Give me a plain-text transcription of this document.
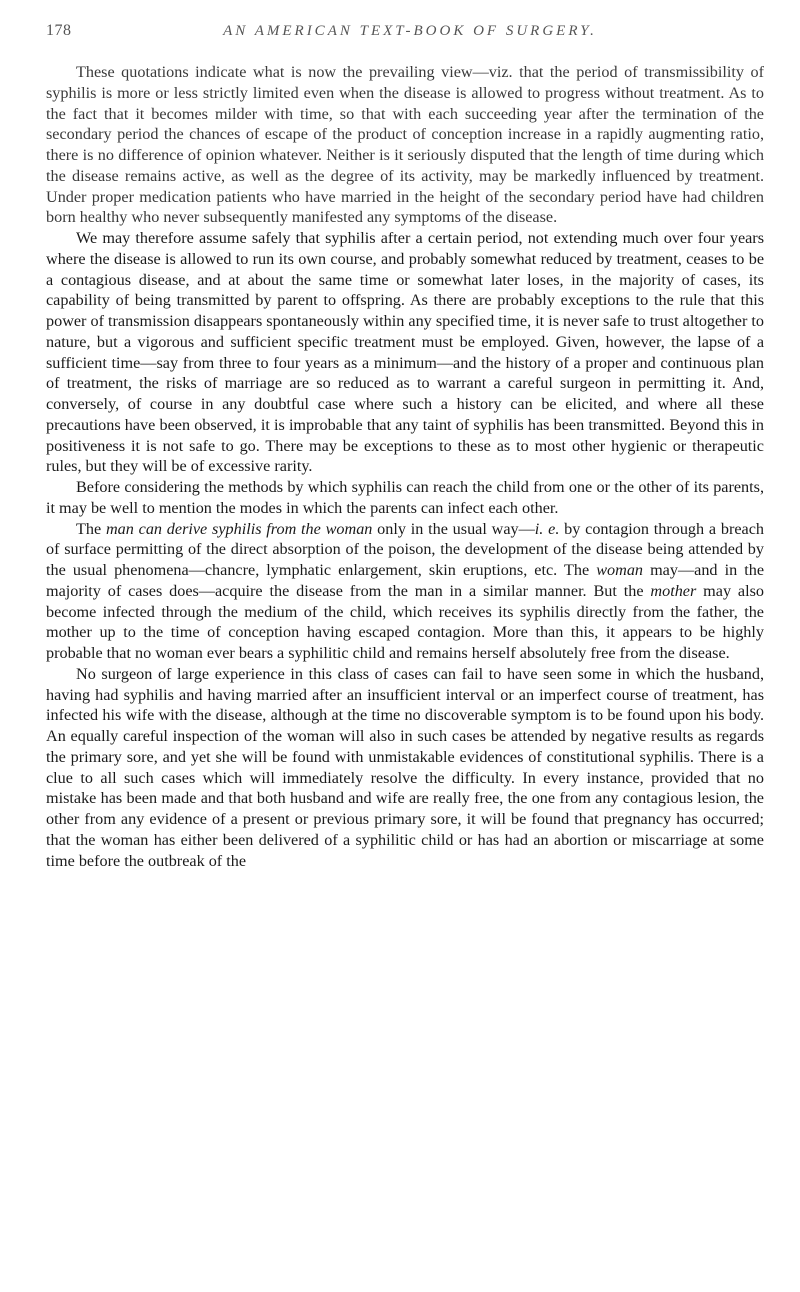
178	AN AMERICAN TEXT-BOOK OF SURGERY.

These quotations indicate what is now the prevailing view—viz. that the period of transmissibility of syphilis is more or less strictly limited even when the disease is allowed to progress without treatment. As to the fact that it becomes milder with time, so that with each succeeding year after the termination of the secondary period the chances of escape of the product of conception increase in a rapidly augmenting ratio, there is no difference of opinion whatever. Neither is it seriously disputed that the length of time during which the disease remains active, as well as the degree of its activity, may be markedly influenced by treatment. Under proper medication patients who have married in the height of the secondary period have had children born healthy who never subsequently manifested any symptoms of the disease.

We may therefore assume safely that syphilis after a certain period, not extending much over four years where the disease is allowed to run its own course, and probably somewhat reduced by treatment, ceases to be a contagious disease, and at about the same time or somewhat later loses, in the majority of cases, its capability of being transmitted by parent to offspring. As there are probably exceptions to the rule that this power of transmission disappears spontaneously within any specified time, it is never safe to trust altogether to nature, but a vigorous and sufficient specific treatment must be employed. Given, however, the lapse of a sufficient time—say from three to four years as a minimum—and the history of a proper and continuous plan of treatment, the risks of marriage are so reduced as to warrant a careful surgeon in permitting it. And, conversely, of course in any doubtful case where such a history can be elicited, and where all these precautions have been observed, it is improbable that any taint of syphilis has been transmitted. Beyond this in positiveness it is not safe to go. There may be exceptions to these as to most other hygienic or therapeutic rules, but they will be of excessive rarity.

Before considering the methods by which syphilis can reach the child from one or the other of its parents, it may be well to mention the modes in which the parents can infect each other.

The man can derive syphilis from the woman only in the usual way—i. e. by contagion through a breach of surface permitting of the direct absorption of the poison, the development of the disease being attended by the usual phenomena—chancre, lymphatic enlargement, skin eruptions, etc. The woman may—and in the majority of cases does—acquire the disease from the man in a similar manner. But the mother may also become infected through the medium of the child, which receives its syphilis directly from the father, the mother up to the time of conception having escaped contagion. More than this, it appears to be highly probable that no woman ever bears a syphilitic child and remains herself absolutely free from the disease.

No surgeon of large experience in this class of cases can fail to have seen some in which the husband, having had syphilis and having married after an insufficient interval or an imperfect course of treatment, has infected his wife with the disease, although at the time no discoverable symptom is to be found upon his body. An equally careful inspection of the woman will also in such cases be attended by negative results as regards the primary sore, and yet she will be found with unmistakable evidences of constitutional syphilis. There is a clue to all such cases which will immediately resolve the difficulty. In every instance, provided that no mistake has been made and that both husband and wife are really free, the one from any contagious lesion, the other from any evidence of a present or previous primary sore, it will be found that pregnancy has occurred; that the woman has either been delivered of a syphilitic child or has had an abortion or miscarriage at some time before the outbreak of the
